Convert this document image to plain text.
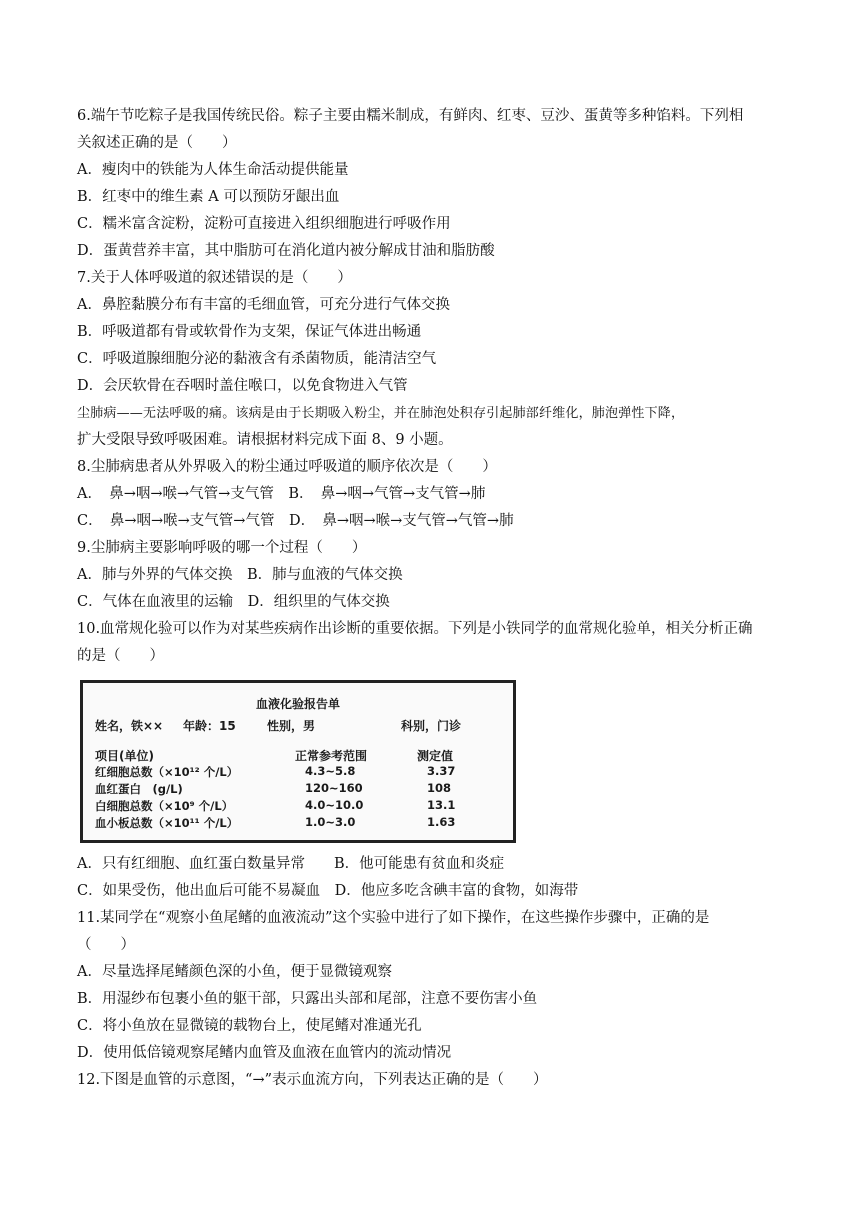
6.端午节吃粽子是我国传统民俗。粽子主要由糯米制成，有鲜肉、红枣、豆沙、蛋黄等多种馅料。下列相
关叙述正确的是（　　）
A．瘦肉中的铁能为人体生命活动提供能量
B．红枣中的维生素 A 可以预防牙龈出血
C．糯米富含淀粉，淀粉可直接进入组织细胞进行呼吸作用
D．蛋黄营养丰富，其中脂肪可在消化道内被分解成甘油和脂肪酸
7.关于人体呼吸道的叙述错误的是（　　）
A．鼻腔黏膜分布有丰富的毛细血管，可充分进行气体交换
B．呼吸道都有骨或软骨作为支架，保证气体进出畅通
C．呼吸道腺细胞分泌的黏液含有杀菌物质，能清洁空气
D．会厌软骨在吞咽时盖住喉口，以免食物进入气管
尘肺病——无法呼吸的痛。该病是由于长期吸入粉尘，并在肺泡处积存引起肺部纤维化，肺泡弹性下降，
扩大受限导致呼吸困难。请根据材料完成下面 8、9 小题。
8.尘肺病患者从外界吸入的粉尘通过呼吸道的顺序依次是（　　）
A．　鼻→咽→喉→气管→支气管　B．　鼻→咽→气管→支气管→肺
C．　鼻→咽→喉→支气管→气管　D．　鼻→咽→喉→支气管→气管→肺
9.尘肺病主要影响呼吸的哪一个过程（　　）
A．肺与外界的气体交换　B．肺与血液的气体交换
C．气体在血液里的运输　D．组织里的气体交换
10.血常规化验可以作为对某些疾病作出诊断的重要依据。下列是小铁同学的血常规化验单，相关分析正确
的是（　　）
血液化验报告单
姓名，铁×× 年龄：15	性别，男	科别，门诊
项目(单位)	正常参考范围	测定值
红细胞总数（×10¹² 个/L）	4.3~5.8	3.37
血红蛋白　(g/L)	120~160	108
白细胞总数（×10⁹ 个/L）	4.0~10.0	13.1
血小板总数（×10¹¹ 个/L）	1.0~3.0	1.63
A．只有红细胞、血红蛋白数量异常　　B．他可能患有贫血和炎症
C．如果受伤，他出血后可能不易凝血　D．他应多吃含碘丰富的食物，如海带
11.某同学在“观察小鱼尾鳍的血液流动”这个实验中进行了如下操作，在这些操作步骤中，正确的是
（　　）
A．尽量选择尾鳍颜色深的小鱼，便于显微镜观察
B．用湿纱布包裹小鱼的躯干部，只露出头部和尾部，注意不要伤害小鱼
C．将小鱼放在显微镜的载物台上，使尾鳍对准通光孔
D．使用低倍镜观察尾鳍内血管及血液在血管内的流动情况
12.下图是血管的示意图，“→”表示血流方向，下列表达正确的是（　　）
